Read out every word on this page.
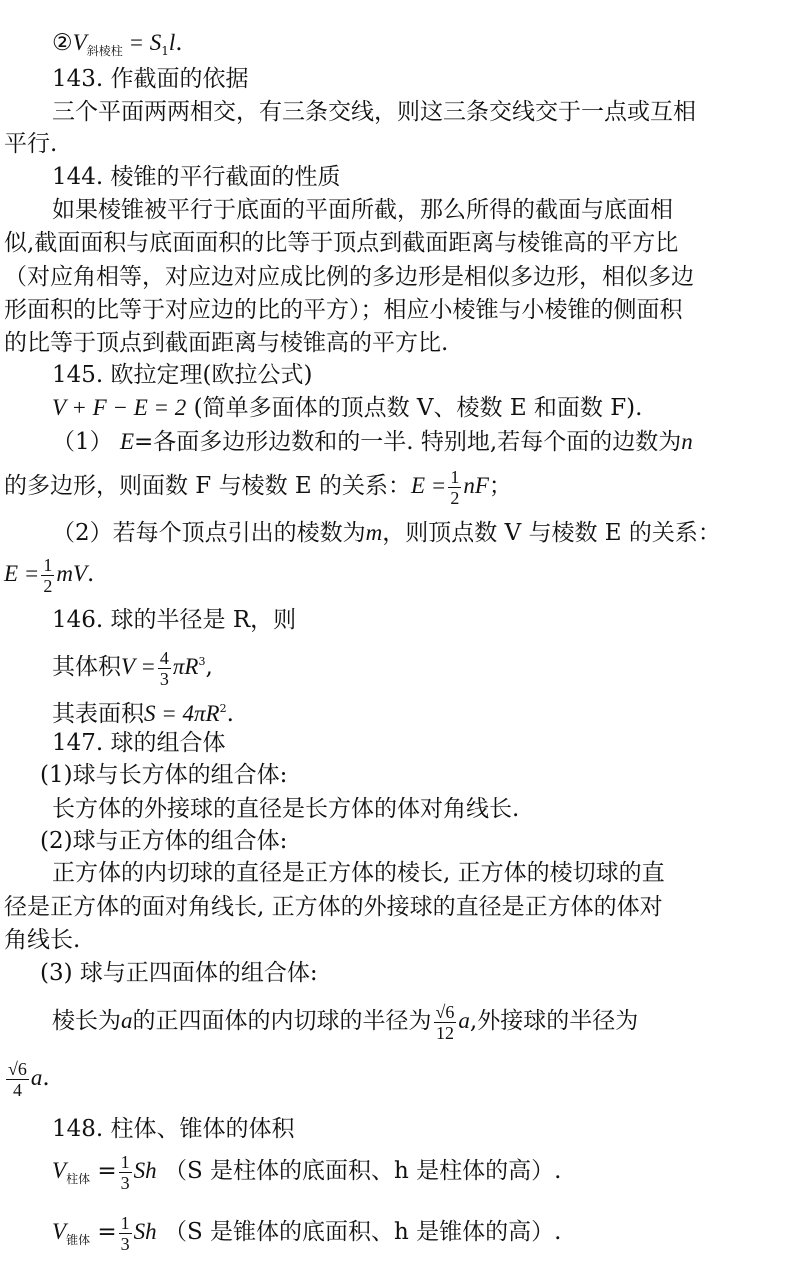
$②V_{斜棱柱} = S_1l$.
143. 作截面的依据
三个平面两两相交，有三条交线，则这三条交线交于一点或互相
平行.
144. 棱锥的平行截面的性质
如果棱锥被平行于底面的平面所截，那么所得的截面与底面相
似,截面面积与底面面积的比等于顶点到截面距离与棱锥高的平方比
（对应角相等，对应边对应成比例的多边形是相似多边形，相似多边
形面积的比等于对应边的比的平方）；相应小棱锥与小棱锥的侧面积
的比等于顶点到截面距离与棱锥高的平方比.
145. 欧拉定理(欧拉公式)
V + F − E = 2 (简单多面体的顶点数 V、棱数 E 和面数 F).
（1） E=各面多边形边数和的一半. 特别地,若每个面的边数为n
的多边形，则面数 F 与棱数 E 的关系：$E = \frac{1}{2}$ nF；
（2）若每个顶点引出的棱数为m，则顶点数 V 与棱数 E 的关系：
$E = \frac{1}{2}$ mV.
146. 球的半径是 R，则
其体积$V = \frac{4}{3} \pi R^3$,
其表面积$S = 4\pi R^2$.
147. 球的组合体
(1)球与长方体的组合体:
长方体的外接球的直径是长方体的体对角线长.
(2)球与正方体的组合体:
正方体的内切球的直径是正方体的棱长, 正方体的棱切球的直
径是正方体的面对角线长, 正方体的外接球的直径是正方体的体对
角线长.
(3) 球与正四面体的组合体:
棱长为a的正四面体的内切球的半径为 $\frac{√6}{12} a$,外接球的半径为
$\frac{√6}{4} a$.
148. 柱体、锥体的体积
$V_{柱体} = \frac{1}{3}$ Sh （S 是柱体的底面积、h 是柱体的高）.
$V_{锥体} = \frac{1}{3}$ Sh （S 是锥体的底面积、h 是锥体的高）.
